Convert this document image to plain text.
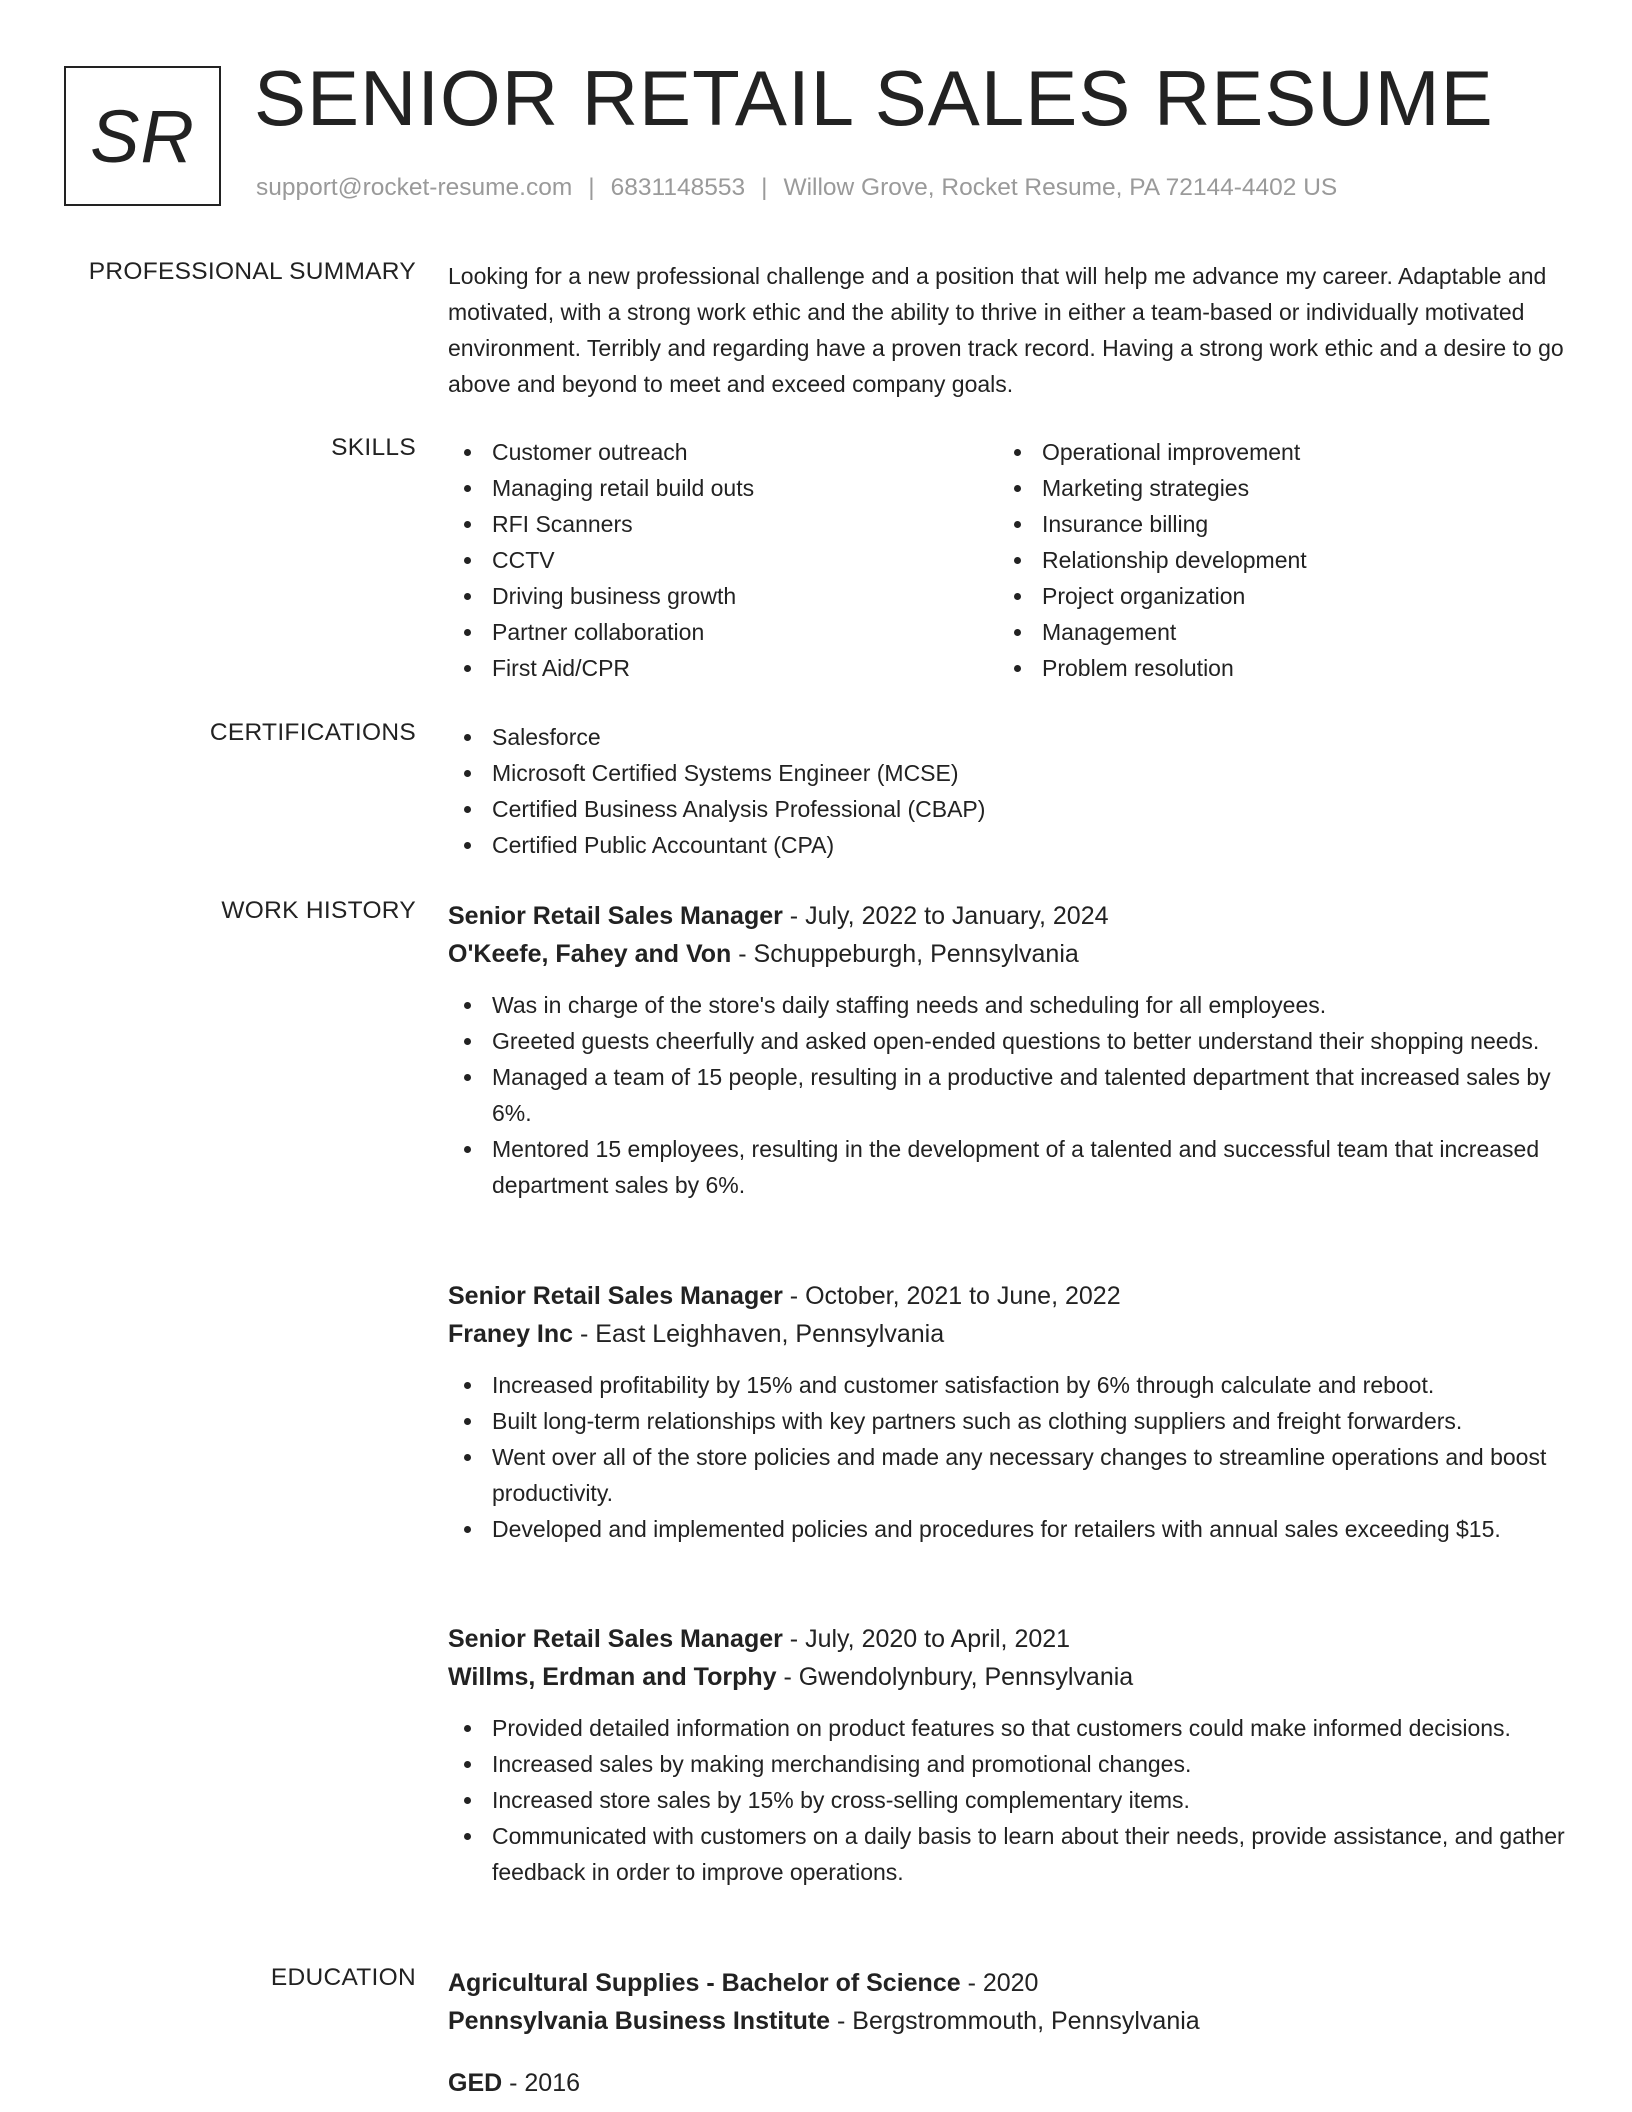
SR SENIOR RETAIL SALES RESUME
support@rocket-resume.com | 6831148553 | Willow Grove, Rocket Resume, PA 72144-4402 US
PROFESSIONAL SUMMARY Looking for a new professional challenge and a position that will help me advance my career. Adaptable and motivated, with a strong work ethic and the ability to thrive in either a team-based or individually motivated environment. Terribly and regarding have a proven track record. Having a strong work ethic and a desire to go above and beyond to meet and exceed company goals.

SKILLS	Customer outreach
Managing retail build outs
RFI Scanners
CCTV
Driving business growth
Partner collaboration
First Aid/CPR
Operational improvement
Marketing strategies
Insurance billing
Relationship development
Project organization
Management
Problem resolution
CERTIFICATIONS	Salesforce
Microsoft Certified Systems Engineer (MCSE)
Certified Business Analysis Professional (CBAP)
Certified Public Accountant (CPA)
WORK HISTORY Senior Retail Sales Manager - July, 2022 to January, 2024
O'Keefe, Fahey and Von - Schuppeburgh, Pennsylvania
Was in charge of the store's daily staffing needs and scheduling for all employees.
Greeted guests cheerfully and asked open-ended questions to better understand their shopping needs.
Managed a team of 15 people, resulting in a productive and talented department that increased sales by 6%.
Mentored 15 employees, resulting in the development of a talented and successful team that increased department sales by 6%.
Senior Retail Sales Manager - October, 2021 to June, 2022
Franey Inc - East Leighhaven, Pennsylvania
Increased profitability by 15% and customer satisfaction by 6% through calculate and reboot.
Built long-term relationships with key partners such as clothing suppliers and freight forwarders.
Went over all of the store policies and made any necessary changes to streamline operations and boost productivity.
Developed and implemented policies and procedures for retailers with annual sales exceeding $15.
Senior Retail Sales Manager - July, 2020 to April, 2021
Willms, Erdman and Torphy - Gwendolynbury, Pennsylvania
Provided detailed information on product features so that customers could make informed decisions.
Increased sales by making merchandising and promotional changes.
Increased store sales by 15% by cross-selling complementary items.
Communicated with customers on a daily basis to learn about their needs, provide assistance, and gather feedback in order to improve operations.
EDUCATION Agricultural Supplies - Bachelor of Science - 2020
Pennsylvania Business Institute - Bergstrommouth, Pennsylvania
GED - 2016
